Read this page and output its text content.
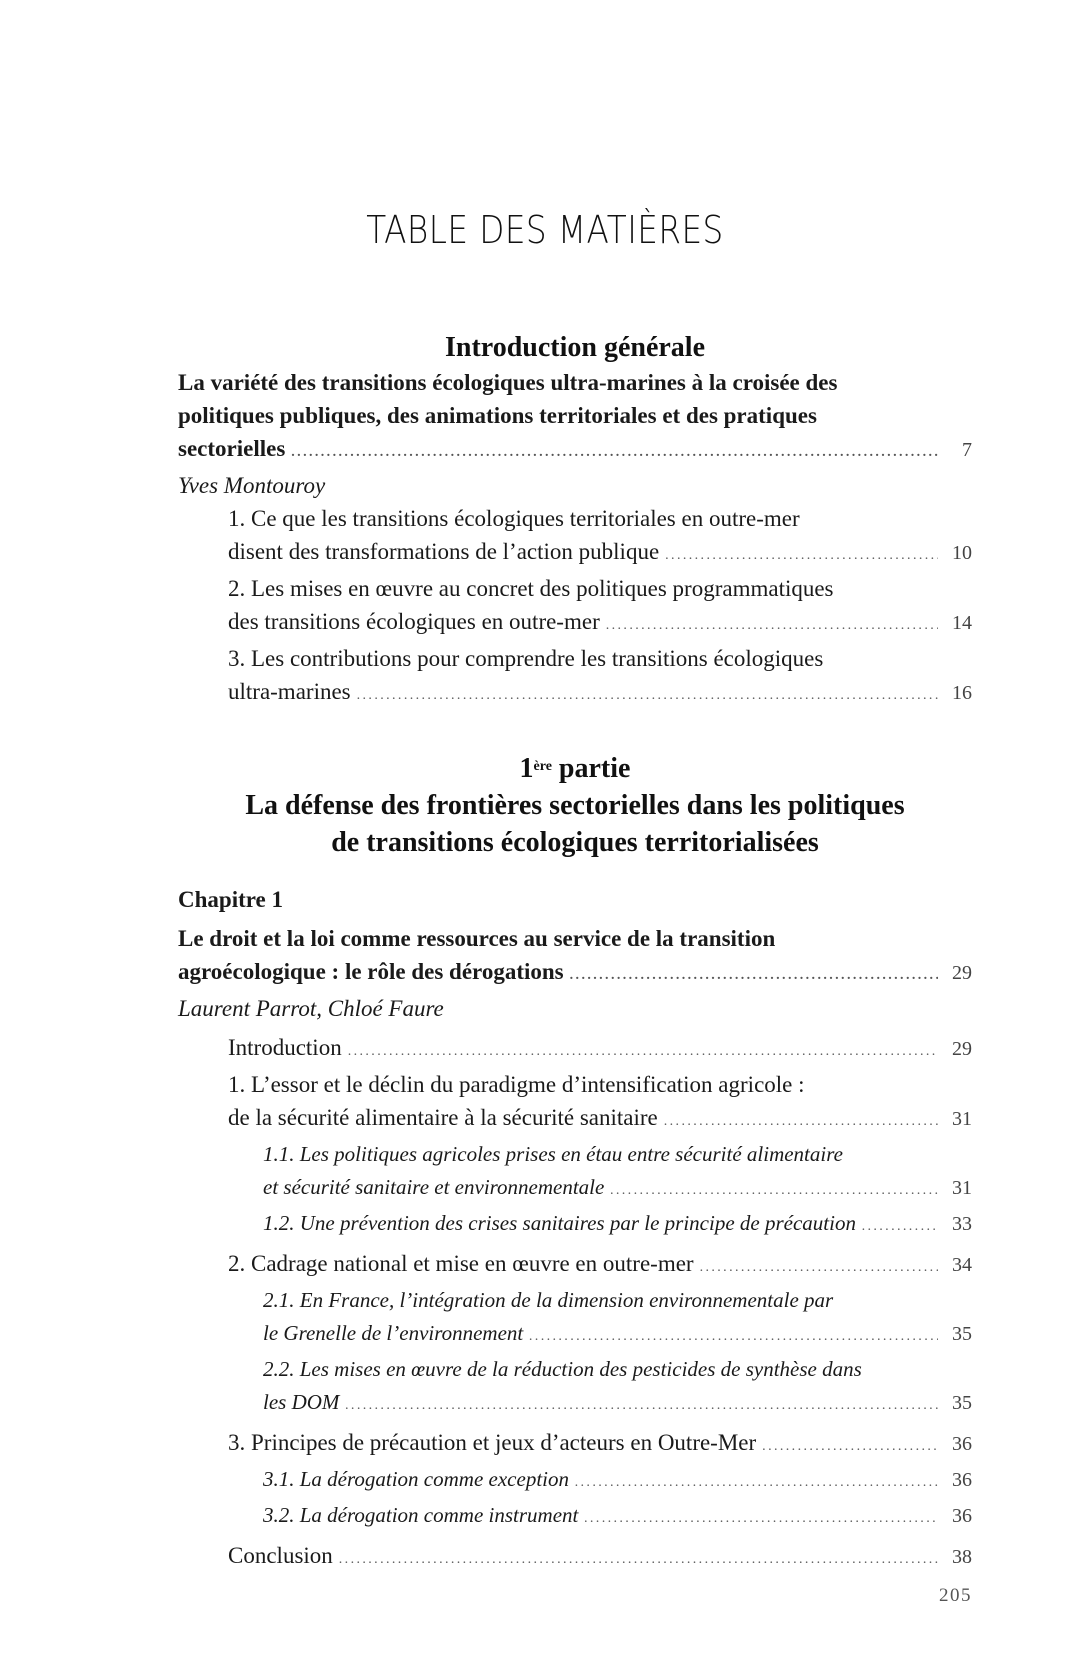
TABLE DES MATIÈRES
Introduction générale
La variété des transitions écologiques ultra-marines à la croisée des
politiques publiques, des animations territoriales et des pratiques
sectorielles .....	7
Yves Montouroy
1. Ce que les transitions écologiques territoriales en outre-mer
disent des transformations de l’action publique .....	10
2. Les mises en œuvre au concret des politiques programmatiques
des transitions écologiques en outre-mer .....	14
3. Les contributions pour comprendre les transitions écologiques
ultra-marines .....	16
1ère partie
La défense des frontières sectorielles dans les politiques
de transitions écologiques territorialisées
Chapitre 1
Le droit et la loi comme ressources au service de la transition
agroécologique : le rôle des dérogations .....	29
Laurent Parrot, Chloé Faure
Introduction .....	29
1. L’essor et le déclin du paradigme d’intensification agricole :
de la sécurité alimentaire à la sécurité sanitaire .....	31
1.1. Les politiques agricoles prises en étau entre sécurité alimentaire
et sécurité sanitaire et environnementale .....	31
1.2. Une prévention des crises sanitaires par le principe de précaution .....	33
2. Cadrage national et mise en œuvre en outre-mer .....	34
2.1. En France, l’intégration de la dimension environnementale par
le Grenelle de l’environnement .....	35
2.2. Les mises en œuvre de la réduction des pesticides de synthèse dans
les DOM .....	35
3. Principes de précaution et jeux d’acteurs en Outre-Mer .....	36
3.1. La dérogation comme exception .....	36
3.2. La dérogation comme instrument .....	36
Conclusion .....	38
205
